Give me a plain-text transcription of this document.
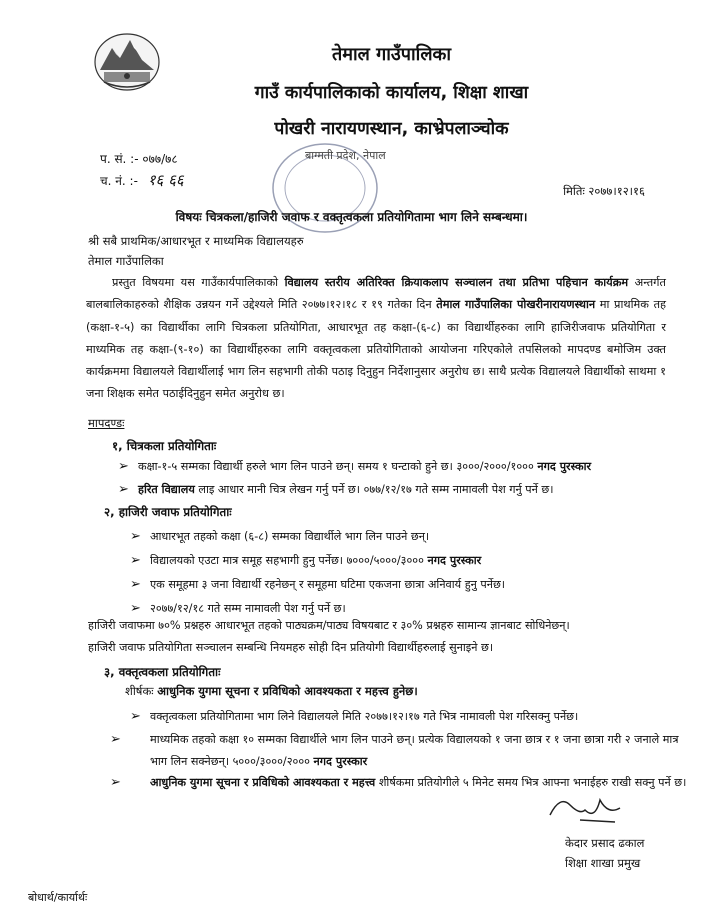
तेमाल गाउँपालिका
गाउँ कार्यपालिकाको कार्यालय, शिक्षा शाखा
पोखरी नारायणस्थान, काभ्रेपलाञ्चोक
बाग्मती प्रदेश, नेपाल
प. सं. :- ०७७/७८
च. नं. :- १६ ६६
मितिः २०७७।१२।१६
विषयः चित्रकला/हाजिरी जवाफ र वक्तृत्वकला प्रतियोगितामा भाग लिने सम्बन्धमा।
श्री सबै प्राथमिक/आधारभूत र माध्यमिक विद्यालयहरु
तेमाल गाउँपालिका
प्रस्तुत विषयमा यस गाउँकार्यपालिकाको विद्यालय स्तरीय अतिरिक्त क्रियाकलाप सञ्चालन तथा प्रतिभा पहिचान कार्यक्रम अन्तर्गत बालबालिकाहरुको शैक्षिक उन्नयन गर्ने उद्देश्यले मिति २०७७।१२।१८ र १९ गतेका दिन तेमाल गाउँपालिका पोखरीनारायणस्थान मा प्राथमिक तह (कक्षा-१-५) का विद्यार्थीका लागि चित्रकला प्रतियोगिता, आधारभूत तह कक्षा-(६-८) का विद्यार्थीहरुका लागि हाजिरीजवाफ प्रतियोगिता र माध्यमिक तह कक्षा-(९-१०) का विद्यार्थीहरुका लागि वक्तृत्वकला प्रतियोगिताको आयोजना गरिएकोले तपसिलको मापदण्ड बमोजिम उक्त कार्यक्रममा विद्यालयले विद्यार्थीलाई भाग लिन सहभागी तोकी पठाइ दिनुहुन निर्देशानुसार अनुरोध छ। साथै प्रत्येक विद्यालयले विद्यार्थीको साथमा १ जना शिक्षक समेत पठाईदिनुहुन समेत अनुरोध छ।
मापदण्डः
१, चित्रकला प्रतियोगिताः
➢ कक्षा-१-५ सम्मका विद्यार्थी हरुले भाग लिन पाउने छन्। समय १ घन्टाको हुने छ। ३०००/२०००/१००० नगद पुरस्कार
➢ हरित विद्यालय लाइ आधार मानी चित्र लेखन गर्नु पर्ने छ। ०७७/१२/१७ गते सम्म नामावली पेश गर्नु पर्ने छ।
२, हाजिरी जवाफ प्रतियोगिताः
➢ आधारभूत तहको कक्षा (६-८) सम्मका विद्यार्थीले भाग लिन पाउने छन्।
➢ विद्यालयको एउटा मात्र समूह सहभागी हुनु पर्नेछ। ७०००/५०००/३००० नगद पुरस्कार
➢ एक समूहमा ३ जना विद्यार्थी रहनेछन् र समूहमा घटिमा एकजना छात्रा अनिवार्य हुनु पर्नेछ।
➢ २०७७/१२/१८ गते सम्म नामावली पेश गर्नु पर्ने छ।
हाजिरी जवाफमा ७०% प्रश्नहरु आधारभूत तहको पाठ्यक्रम/पाठ्य विषयबाट र ३०% प्रश्नहरु सामान्य ज्ञानबाट सोधिनेछन्।
हाजिरी जवाफ प्रतियोगिता सञ्चालन सम्बन्धि नियमहरु सोही दिन प्रतियोगी विद्यार्थीहरुलाई सुनाइने छ।
३, वक्तृत्वकला प्रतियोगिताः
शीर्षकः आधुनिक युगमा सूचना र प्रविधिको आवश्यकता र महत्त्व हुनेछ।
➢ वक्तृत्वकला प्रतियोगितामा भाग लिने विद्यालयले मिति २०७७।१२।१७ गते भित्र नामावली पेश गरिसक्नु पर्नेछ।
➢	माध्यमिक तहको कक्षा १० सम्मका विद्यार्थीले भाग लिन पाउने छन्। प्रत्येक विद्यालयको १ जना छात्र र १ जना छात्रा गरी २ जनाले मात्र भाग लिन सक्नेछन्। ५०००/३०००/२००० नगद पुरस्कार
➢	आधुनिक युगमा सूचना र प्रविधिको आवश्यकता र महत्त्व शीर्षकमा प्रतियोगीले ५ मिनेट समय भित्र आफ्ना भनाईहरु राखी सक्नु पर्ने छ।
केदार प्रसाद ढकाल
शिक्षा शाखा प्रमुख
बोधार्थ/कार्यार्थः
